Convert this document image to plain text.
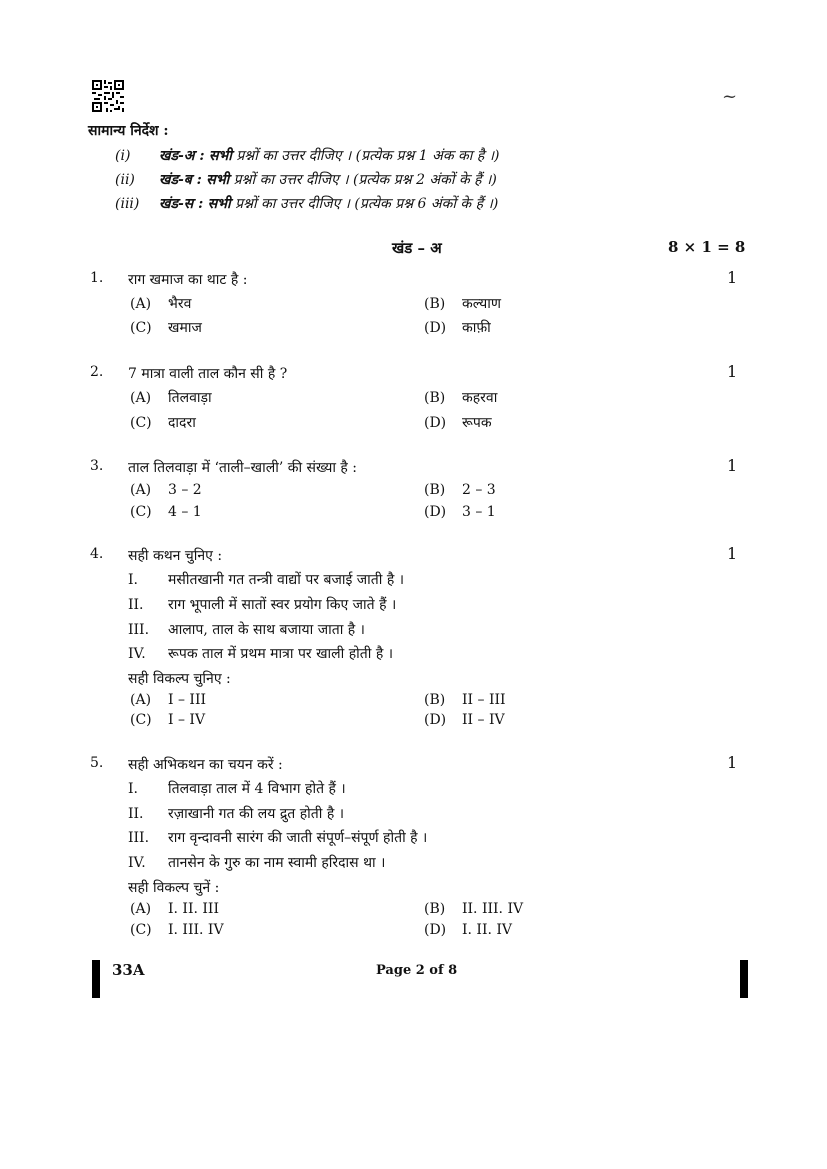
~
सामान्य निर्देश :
(i) खंड-अ : सभी प्रश्नों का उत्तर दीजिए । (प्रत्येक प्रश्न 1 अंक का है ।)
(ii) खंड-ब : सभी प्रश्नों का उत्तर दीजिए । (प्रत्येक प्रश्न 2 अंकों के हैं ।)
(iii) खंड-स : सभी प्रश्नों का उत्तर दीजिए । (प्रत्येक प्रश्न 6 अंकों के हैं ।)
खंड – अ	8 × 1 = 8
1. राग खमाज का थाट है :	1
(A) भैरव	(B) कल्याण
(C) खमाज	(D) काफ़ी
2. 7 मात्रा वाली ताल कौन सी है ?	1
(A) तिलवाड़ा	(B) कहरवा
(C) दादरा	(D) रूपक
3. ताल तिलवाड़ा में ‘ताली–खाली’ की संख्या है :	1
(A) 3 – 2	(B) 2 – 3
(C) 4 – 1	(D) 3 – 1
4. सही कथन चुनिए :	1
I. मसीतखानी गत तन्त्री वाद्यों पर बजाई जाती है ।
II. राग भूपाली में सातों स्वर प्रयोग किए जाते हैं ।
III. आलाप, ताल के साथ बजाया जाता है ।
IV. रूपक ताल में प्रथम मात्रा पर खाली होती है ।
सही विकल्प चुनिए :
(A) I – III	(B) II – III
(C) I – IV	(D) II – IV
5. सही अभिकथन का चयन करें :	1
I. तिलवाड़ा ताल में 4 विभाग होते हैं ।
II. रज़ाखानी गत की लय द्रुत होती है ।
III. राग वृन्दावनी सारंग की जाती संपूर्ण–संपूर्ण होती है ।
IV. तानसेन के गुरु का नाम स्वामी हरिदास था ।
सही विकल्प चुनें :
(A) I. II. III	(B) II. III. IV
(C) I. III. IV	(D) I. II. IV
33A	Page 2 of 8
